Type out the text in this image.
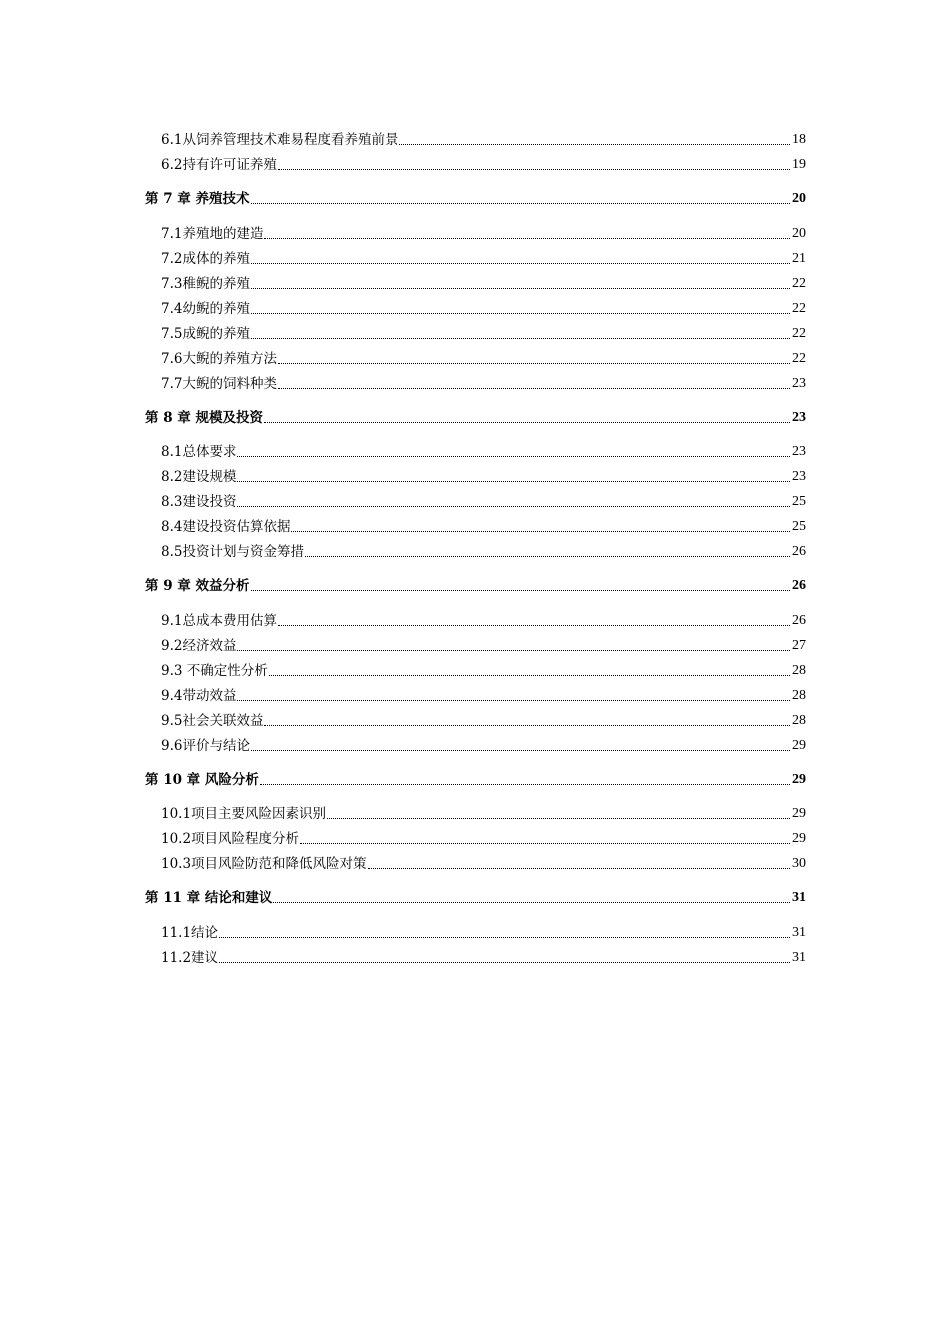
6.1从饲养管理技术难易程度看养殖前景	18
6.2持有许可证养殖	19
第 7 章 养殖技术	20
7.1养殖地的建造	20
7.2成体的养殖	21
7.3稚鲵的养殖	22
7.4幼鲵的养殖	22
7.5成鲵的养殖	22
7.6大鲵的养殖方法	22
7.7大鲵的饲料种类	23
第 8 章 规模及投资	23
8.1总体要求	23
8.2建设规模	23
8.3建设投资	25
8.4建设投资估算依据	25
8.5投资计划与资金筹措	26
第 9 章 效益分析	26
9.1总成本费用估算	26
9.2经济效益	27
9.3 不确定性分析	28
9.4带动效益	28
9.5社会关联效益	28
9.6评价与结论	29
第 10 章 风险分析	29
10.1项目主要风险因素识别	29
10.2项目风险程度分析	29
10.3项目风险防范和降低风险对策	30
第 11 章 结论和建议	31
11.1结论	31
11.2建议	31
